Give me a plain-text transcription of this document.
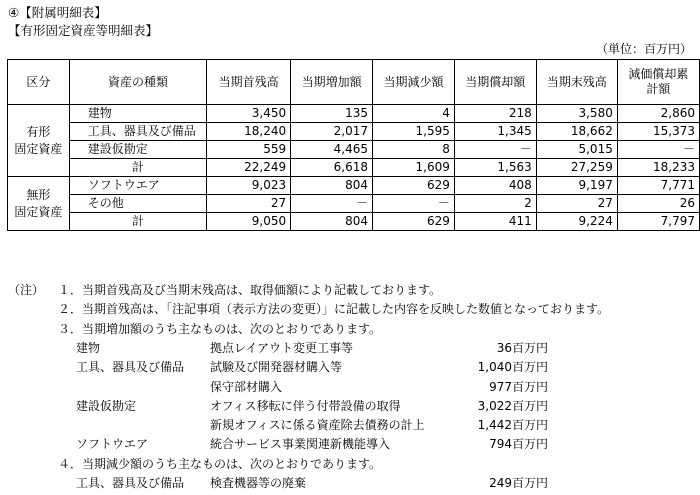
④【附属明細表】
【有形固定資産等明細表】
（単位：百万円）
区分	資産の種類	当期首残高	当期増加額	当期減少額	当期償却額	当期末残高	減価償却累計額
有形
固定資産	建物	3,450	135	4	218	3,580	2,860
	工具、器具及び備品	18,240	2,017	1,595	1,345	18,662	15,373
	建設仮勘定	559	4,465	8	－	5,015	－
	計	22,249	6,618	1,609	1,563	27,259	18,233
無形
固定資産	ソフトウエア	9,023	804	629	408	9,197	7,771
	その他	27	－	－	2	27	26
	計	9,050	804	629	411	9,224	7,797
（注） １． 当期首残高及び当期末残高は、取得価額により記載しております。
２． 当期首残高は、「注記事項（表示方法の変更）」に記載した内容を反映した数値となっております。
３． 当期増加額のうち主なものは、次のとおりであります。
建物	拠点レイアウト変更工事等	36百万円
工具、器具及び備品 試験及び開発器材購入等	1,040百万円
保守部材購入	977百万円
建設仮勘定	オフィス移転に伴う付帯設備の取得	3,022百万円
新規オフィスに係る資産除去債務の計上	1,442百万円
ソフトウエア	統合サービス事業関連新機能導入	794百万円
４． 当期減少額のうち主なものは、次のとおりであります。
工具、器具及び備品 検査機器等の廃棄	249百万円
